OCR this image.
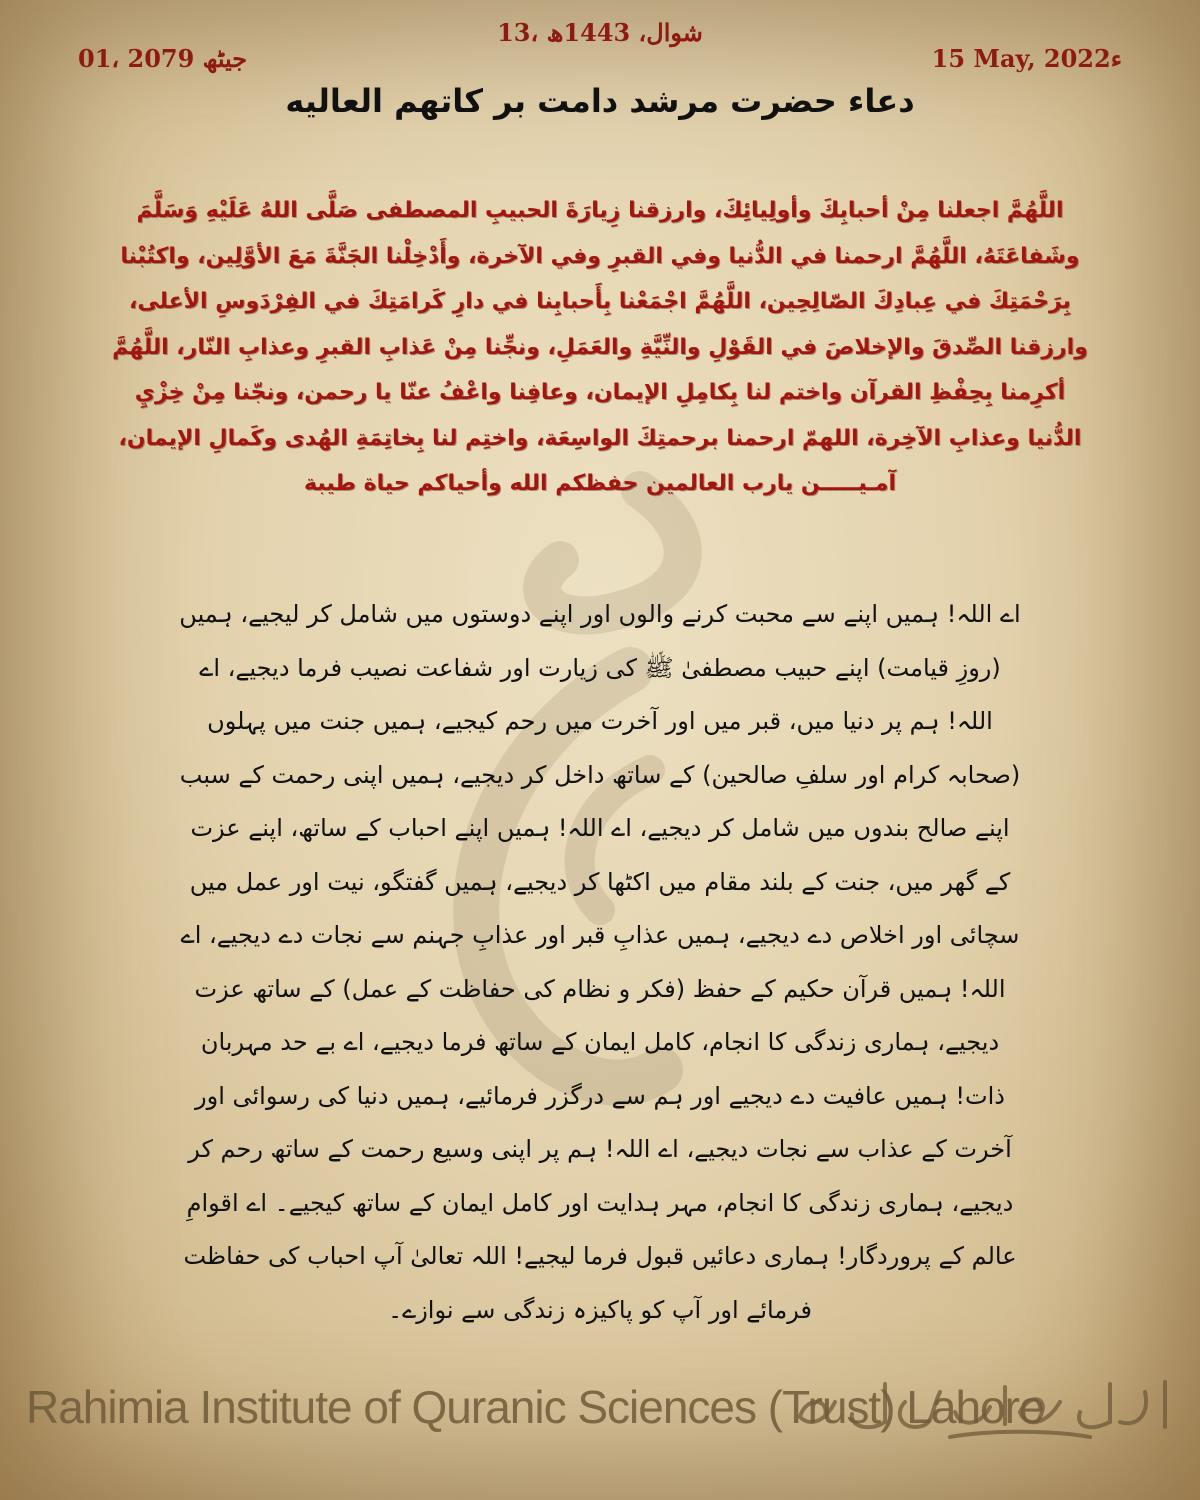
01، جیٹھ 2079
13، شوال، 1443ھ
15 May, 2022ء
دعاء حضرت مرشد دامت بر کاتهم العالیه
اللَّهُمَّ اجعلنا مِنْ أحبابِكَ وأولِيائِكَ، وارزقنا زِيارَةَ الحبيبِ المصطفى صَلَّى اللهُ عَلَيْهِ وَسَلَّمَ وشَفاعَتَهُ، اللَّهُمَّ ارحمنا في الدُّنيا وفي القبرِ وفي الآخرة، وأَدْخِلْنا الجَنَّةَ مَعَ الأوَّلِين، واكتُبْنا بِرَحْمَتِكَ في عِبادِكَ الصّالِحِين، اللَّهُمَّ اجْمَعْنا بِأَحبابِنا في دارِ كَرامَتِكَ في الفِرْدَوسِ الأعلى، وارزقنا الصِّدقَ والإخلاصَ في القَوْلِ والنِّيَّةِ والعَمَلِ، ونجِّنا مِنْ عَذابِ القبرِ وعذابِ النّار، اللَّهُمَّ أكرِمنا بِحِفْظِ القرآن واختم لنا بِكامِلِ الإيمان، وعافِنا واعْفُ عنّا يا رحمن، ونجّنا مِنْ خِزْيِ الدُّنيا وعذابِ الآخِرة، اللهمّ ارحمنا برحمتِكَ الواسِعَة، واختِم لنا بِخاتِمَةِ الهُدى وكَمالِ الإيمان، آمـيـــــن يارب العالمين حفظكم الله وأحياكم حياة طيبة
اے اللہ! ہمیں اپنے سے محبت کرنے والوں اور اپنے دوستوں میں شامل کر لیجیے، ہمیں (روزِ قیامت) اپنے حبیب مصطفیٰ ﷺ کی زیارت اور شفاعت نصیب فرما دیجیے، اے اللہ! ہم پر دنیا میں، قبر میں اور آخرت میں رحم کیجیے، ہمیں جنت میں پہلوں (صحابہ کرام اور سلفِ صالحین) کے ساتھ داخل کر دیجیے، ہمیں اپنی رحمت کے سبب اپنے صالح بندوں میں شامل کر دیجیے، اے اللہ! ہمیں اپنے احباب کے ساتھ، اپنے عزت کے گھر میں، جنت کے بلند مقام میں اکٹھا کر دیجیے، ہمیں گفتگو، نیت اور عمل میں سچائی اور اخلاص دے دیجیے، ہمیں عذابِ قبر اور عذابِ جہنم سے نجات دے دیجیے، اے اللہ! ہمیں قرآن حکیم کے حفظ (فکر و نظام کی حفاظت کے عمل) کے ساتھ عزت دیجیے، ہماری زندگی کا انجام، کامل ایمان کے ساتھ فرما دیجیے، اے بے حد مہربان ذات! ہمیں عافیت دے دیجیے اور ہم سے درگزر فرمائیے، ہمیں دنیا کی رسوائی اور آخرت کے عذاب سے نجات دیجیے، اے اللہ! ہم پر اپنی وسیع رحمت کے ساتھ رحم کر دیجیے، ہماری زندگی کا انجام، مہر ہدایت اور کامل ایمان کے ساتھ کیجیے۔ اے اقوامِ عالم کے پروردگار! ہماری دعائیں قبول فرما لیجیے! اللہ تعالیٰ آپ احباب کی حفاظت فرمائے اور آپ کو پاکیزہ زندگی سے نوازے۔
Rahimia Institute of Quranic Sciences (Trust) Lahore
